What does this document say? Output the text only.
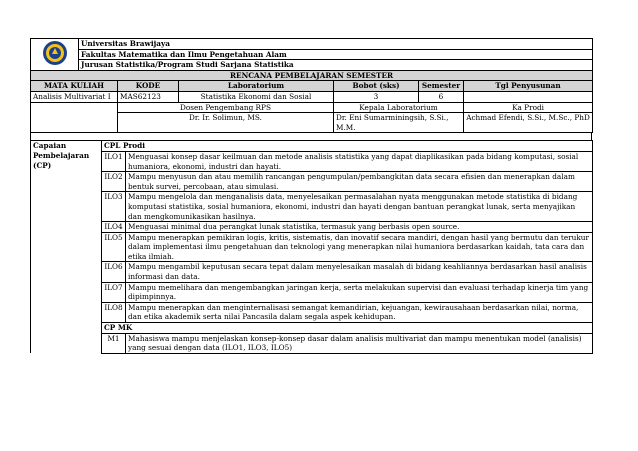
	Universitas Brawijaya
Fakultas Matematika dan Ilmu Pengetahuan Alam
Jurusan Statistika/Program Studi Sarjana Statistika
RENCANA PEMBELAJARAN SEMESTER					
MATA KULIAH	KODE	Laboratorium	Bobot (sks)	Semester	Tgl Penyusunan
Analisis Multivariat I	MAS62123	Statistika Ekonomi dan Sosial	3	6	
	Dosen Pengembang RPS		Kepala Laboratorium		Ka Prodi
	Dr. Ir. Solimun, MS.		Dr. Eni Sumarminingsih, S.Si., M.M.		Achmad Efendi, S.Si., M.Sc., PhD
Capaian
Pembelajaran
(CP)	CPL Prodi	
	ILO1	Menguasai konsep dasar keilmuan dan metode analisis statistika yang dapat diaplikasikan pada bidang komputasi, sosial humaniora, ekonomi, industri dan hayati.
	ILO2	Mampu menyusun dan atau memilih rancangan pengumpulan/pembangkitan data secara efisien dan menerapkan dalam bentuk survei, percobaan, atau simulasi.
	ILO3	Mampu mengelola dan menganalisis data, menyelesaikan permasalahan nyata menggunakan metode statistika di bidang komputasi statistika, sosial humaniora, ekonomi, industri dan hayati dengan bantuan perangkat lunak, serta menyajikan dan mengkomunikasikan hasilnya.
	ILO4	Menguasai minimal dua perangkat lunak statistika, termasuk yang berbasis open source.
	ILO5	Mampu menerapkan pemikiran logis, kritis, sistematis, dan inovatif secara mandiri, dengan hasil yang bermutu dan terukur dalam implementasi ilmu pengetahuan dan teknologi yang menerapkan nilai humaniora berdasarkan kaidah, tata cara dan etika ilmiah.
	ILO6	Mampu mengambil keputusan secara tepat dalam menyelesaikan masalah di bidang keahliannya berdasarkan hasil analisis informasi dan data.
	ILO7	Mampu memelihara dan mengembangkan jaringan kerja, serta melakukan supervisi dan evaluasi terhadap kinerja tim yang dipimpinnya.
	ILO8	Mampu menerapkan dan menginternalisasi semangat kemandirian, kejuangan, kewirausahaan berdasarkan nilai, norma, dan etika akademik serta nilai Pancasila dalam segala aspek kehidupan.
	CP MK	
	M1	Mahasiswa mampu menjelaskan konsep-konsep dasar dalam analisis multivariat dan mampu menentukan model (analisis) yang sesuai dengan data (ILO1, ILO3, ILO5)
